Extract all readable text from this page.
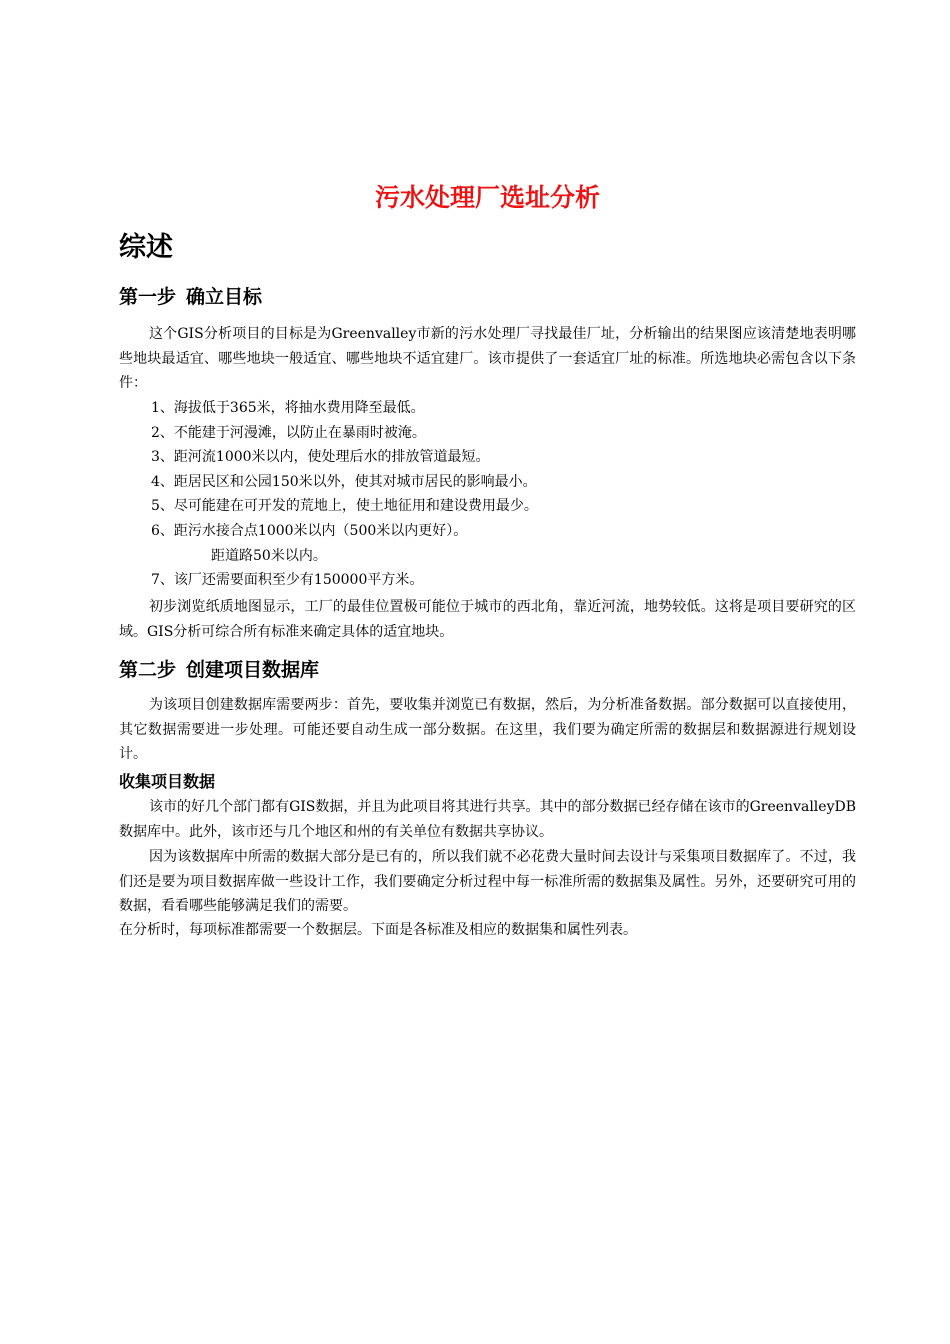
污水处理厂选址分析
综述
第一步 确立目标

这个GIS分析项目的目标是为Greenvalley市新的污水处理厂寻找最佳厂址，分析输出的结果图应该清楚地表明哪些地块最适宜、哪些地块一般适宜、哪些地块不适宜建厂。该市提供了一套适宜厂址的标准。所选地块必需包含以下条件：

1、海拔低于365米，将抽水费用降至最低。
2、不能建于河漫滩，以防止在暴雨时被淹。
3、距河流1000米以内，使处理后水的排放管道最短。
4、距居民区和公园150米以外，使其对城市居民的影响最小。
5、尽可能建在可开发的荒地上，使土地征用和建设费用最少。
6、距污水接合点1000米以内（500米以内更好）。
距道路50米以内。
7、该厂还需要面积至少有150000平方米。

初步浏览纸质地图显示，工厂的最佳位置极可能位于城市的西北角，靠近河流，地势较低。这将是项目要研究的区域。GIS分析可综合所有标准来确定具体的适宜地块。

第二步 创建项目数据库

为该项目创建数据库需要两步：首先，要收集并浏览已有数据，然后，为分析准备数据。部分数据可以直接使用，其它数据需要进一步处理。可能还要自动生成一部分数据。在这里，我们要为确定所需的数据层和数据源进行规划设计。

收集项目数据

该市的好几个部门都有GIS数据，并且为此项目将其进行共享。其中的部分数据已经存储在该市的GreenvalleyDB数据库中。此外，该市还与几个地区和州的有关单位有数据共享协议。

因为该数据库中所需的数据大部分是已有的，所以我们就不必花费大量时间去设计与采集项目数据库了。不过，我们还是要为项目数据库做一些设计工作，我们要确定分析过程中每一标准所需的数据集及属性。另外，还要研究可用的数据，看看哪些能够满足我们的需要。

在分析时，每项标准都需要一个数据层。下面是各标准及相应的数据集和属性列表。
